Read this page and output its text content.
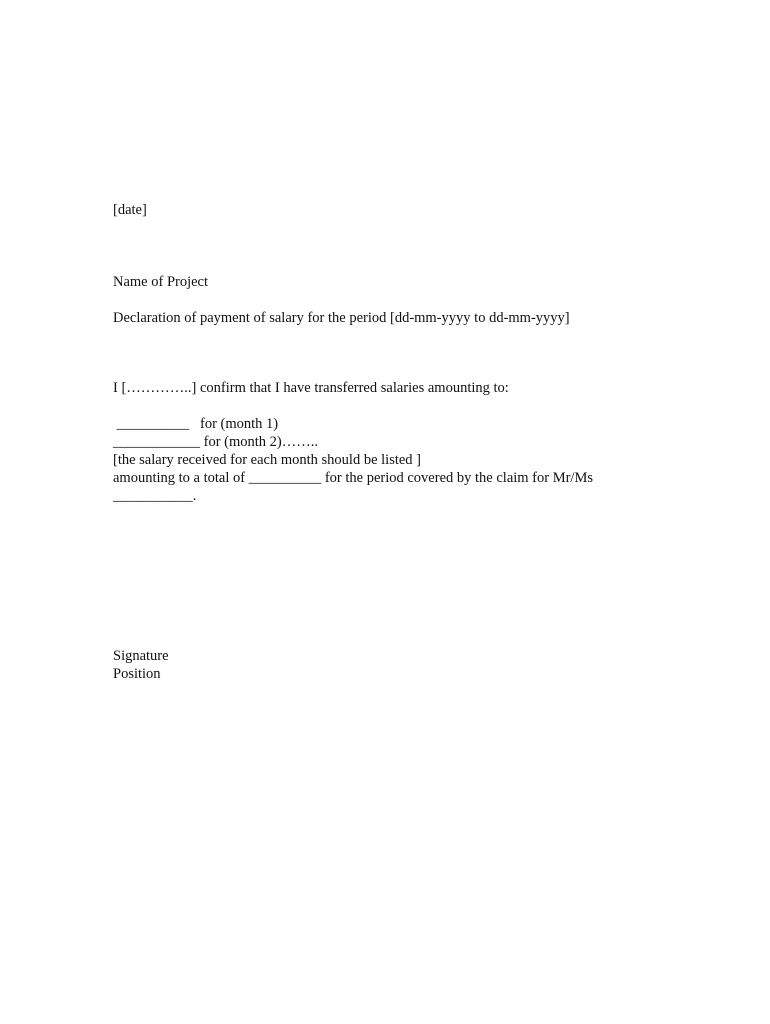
[date]
Name of Project
Declaration of payment of salary for the period [dd-mm-yyyy to dd-mm-yyyy]
I […………..] confirm that I have transferred salaries amounting to:
__________   for (month 1)
____________ for (month 2)……..
[the salary received for each month should be listed ]
amounting to a total of __________ for the period covered by the claim for Mr/Ms
___________.
Signature
Position
